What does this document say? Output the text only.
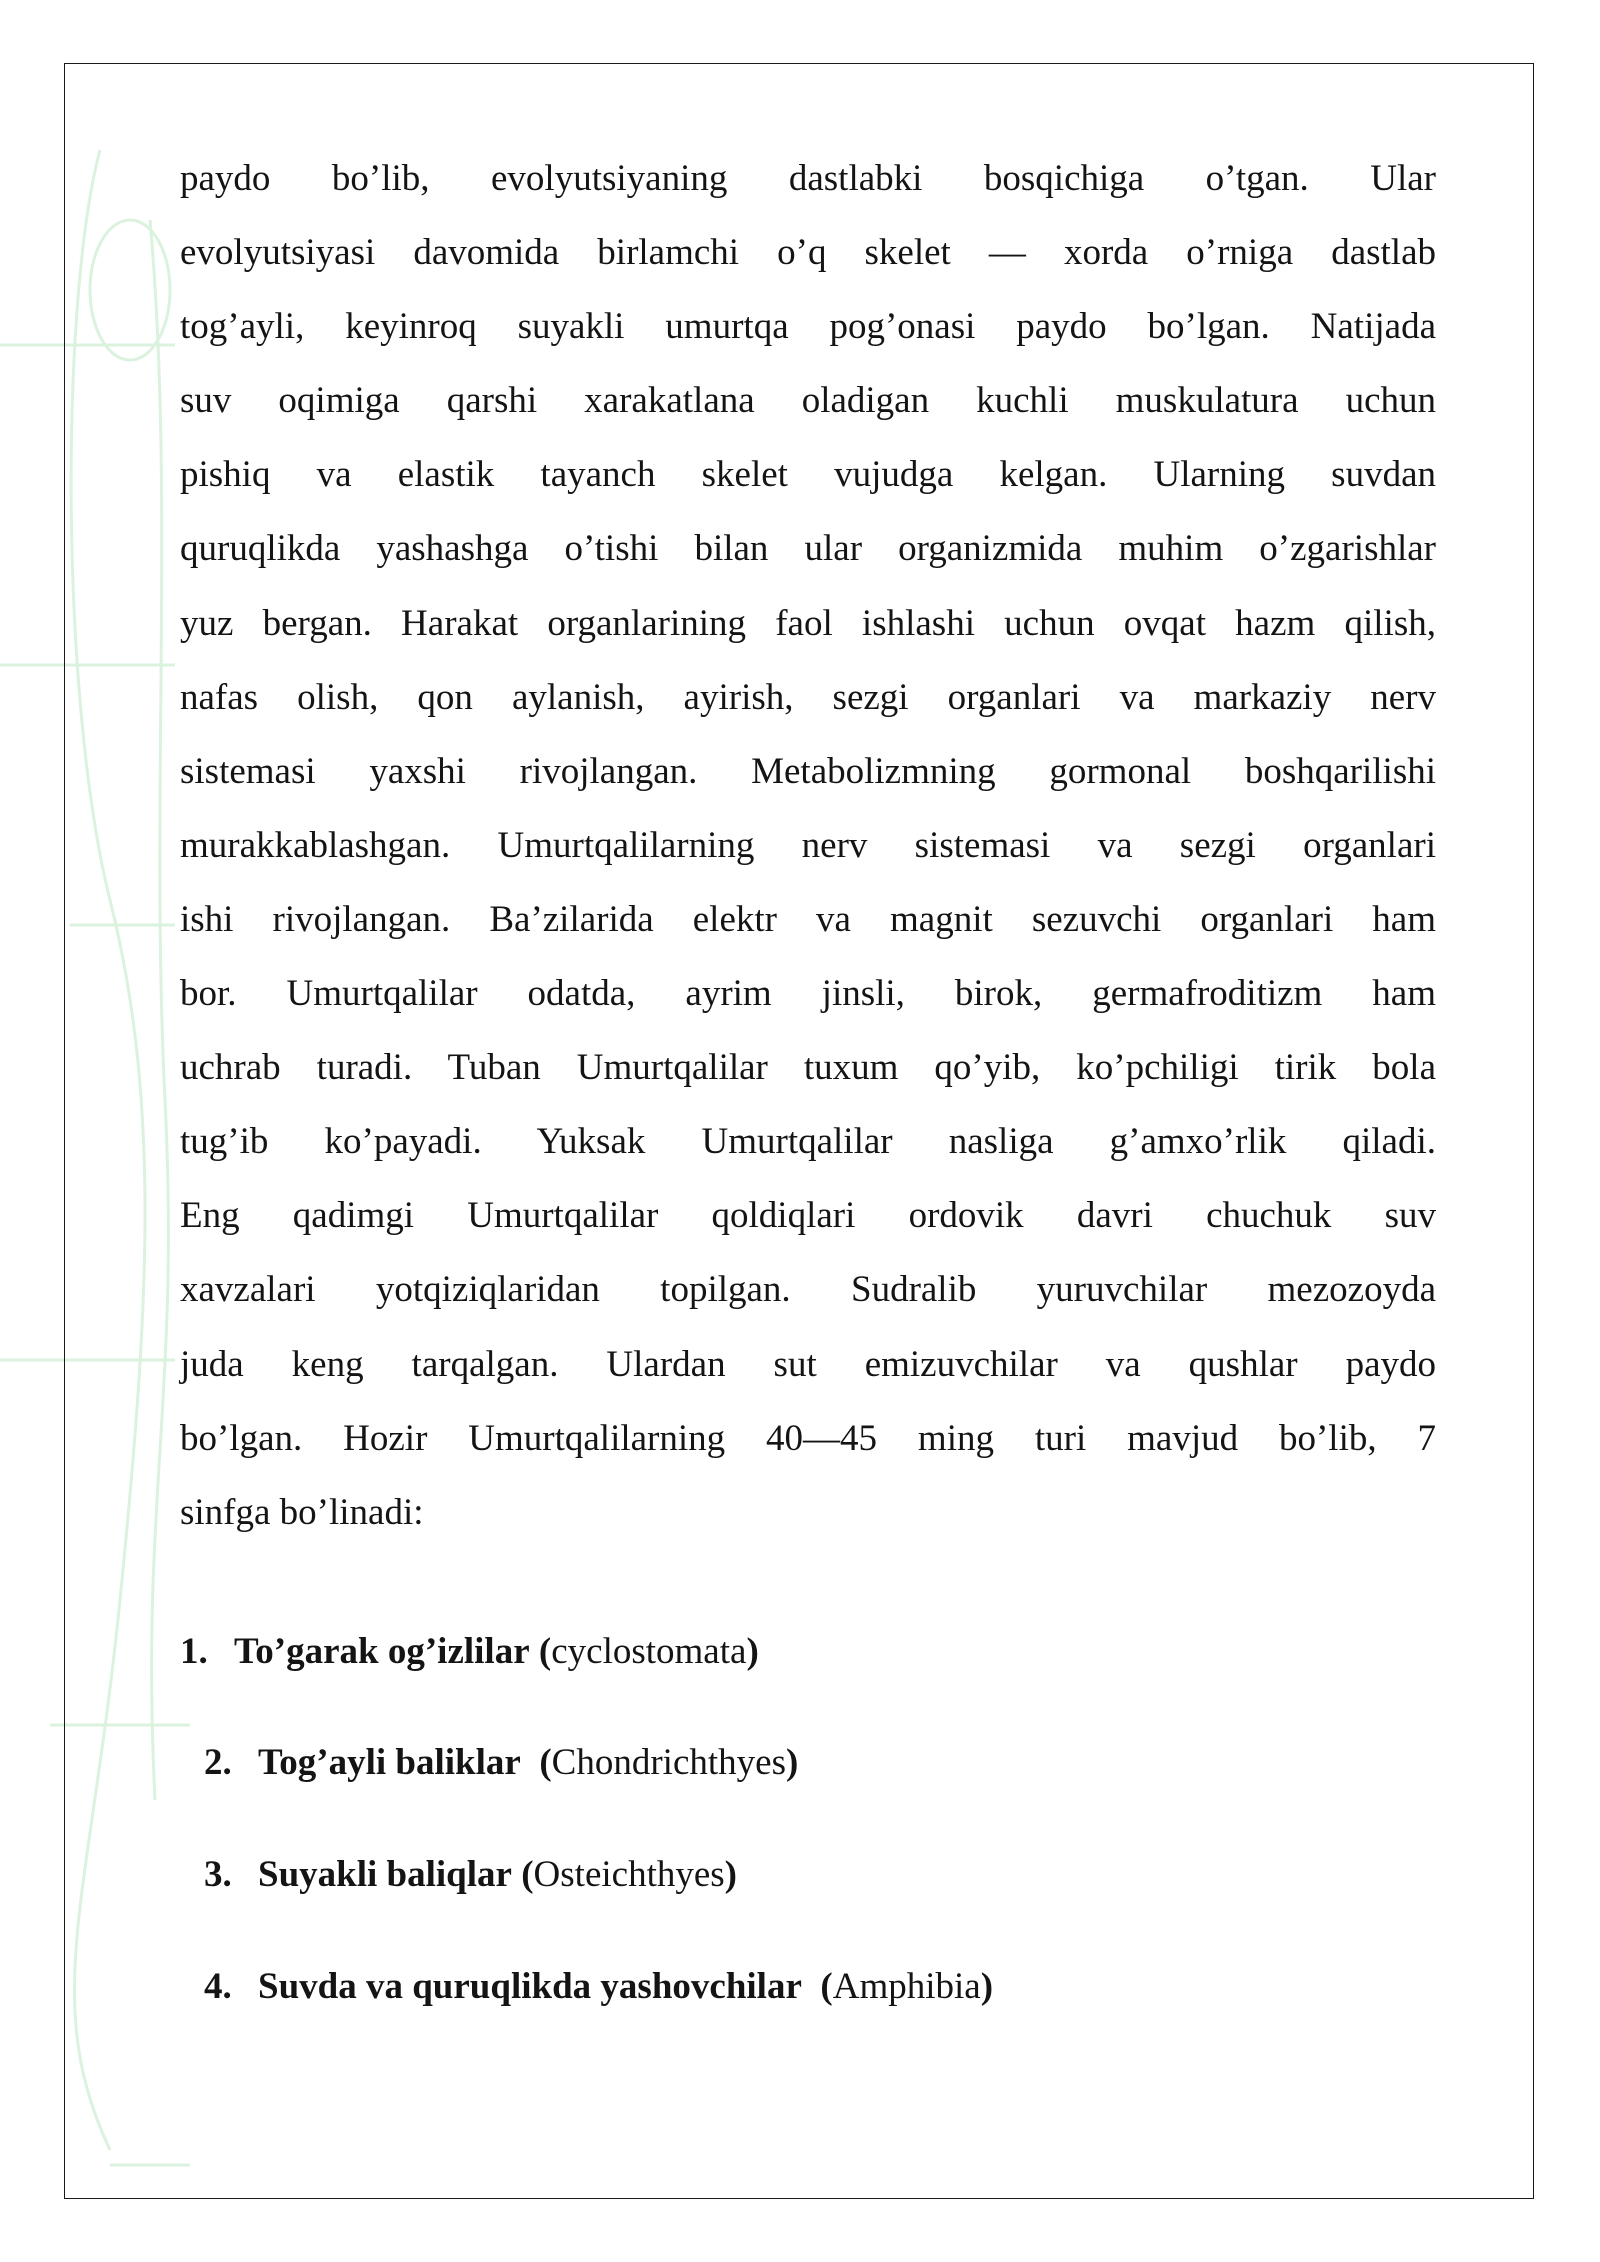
paydo bo’lib, evolyutsiyaning dastlabki bosqichiga o’tgan. Ular
evolyutsiyasi davomida birlamchi o’q skelet — xorda o’rniga dastlab
tog’ayli, keyinroq suyakli umurtqa pog’onasi paydo bo’lgan. Natijada
suv oqimiga qarshi xarakatlana oladigan kuchli muskulatura uchun
pishiq va elastik tayanch skelet vujudga kelgan. Ularning suvdan
quruqlikda yashashga o’tishi bilan ular organizmida muhim o’zgarishlar
yuz bergan. Harakat organlarining faol ishlashi uchun ovqat hazm qilish,
nafas olish, qon aylanish, ayirish, sezgi organlari va markaziy nerv
sistemasi yaxshi rivojlangan. Metabolizmning gormonal boshqarilishi
murakkablashgan. Umurtqalilarning nerv sistemasi va sezgi organlari
ishi rivojlangan. Ba’zilarida elektr va magnit sezuvchi organlari ham
bor. Umurtqalilar odatda, ayrim jinsli, birok, germafroditizm ham
uchrab turadi. Tuban Umurtqalilar tuxum qo’yib, ko’pchiligi tirik bola
tug’ib ko’payadi. Yuksak Umurtqalilar nasliga g’amxo’rlik qiladi.
Eng qadimgi Umurtqalilar qoldiqlari ordovik davri chuchuk suv
xavzalari yotqiziqlaridan topilgan. Sudralib yuruvchilar mezozoyda
juda keng tarqalgan. Ulardan sut emizuvchilar va qushlar paydo
bo’lgan. Hozir Umurtqalilarning 40—45 ming turi mavjud bo’lib, 7
sinfga bo’linadi:
1. To’garak og’izlilar (cyclostomata)
2. Tog’ayli baliklar (Chondrichthyes)
3. Suyakli baliqlar (Osteichthyes)
4. Suvda va quruqlikda yashovchilar (Amphibia)
